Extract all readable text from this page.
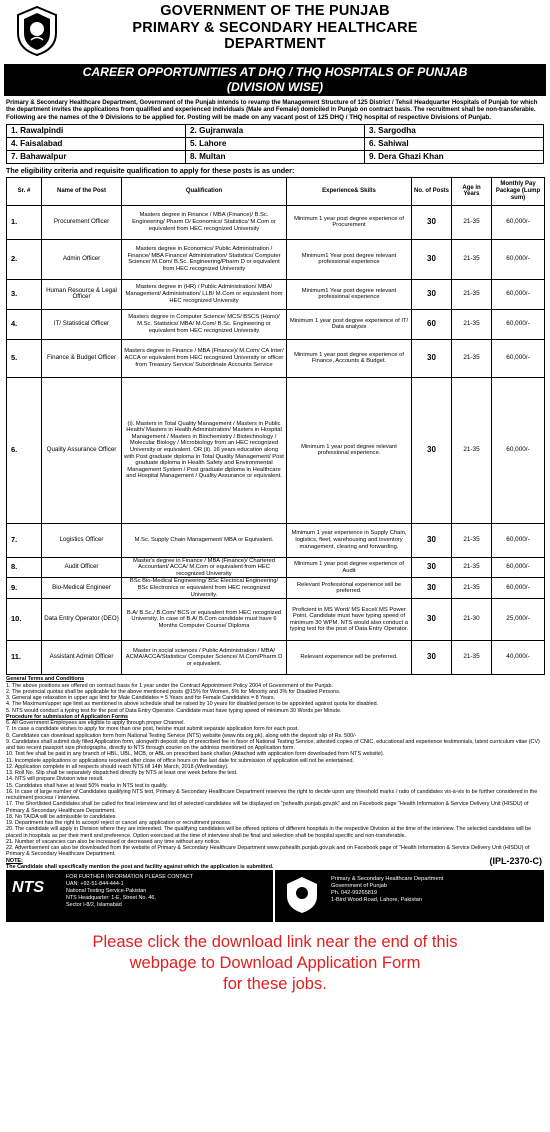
GOVERNMENT OF THE PUNJAB
PRIMARY & SECONDARY HEALTHCARE
DEPARTMENT
CAREER OPPORTUNITIES AT DHQ / THQ HOSPITALS OF PUNJAB
(DIVISION WISE)
Primary & Secondary Healthcare Department, Government of the Punjab intends to revamp the Management Structure of 125 District / Tehsil Headquarter Hospitals of Punjab for which the department invites the applications from qualified and experienced individuals (Male and Female) domiciled in Punjab on contract basis. The recruitment shall be non-transferable.
Following are the names of the 9 Divisions to be applied for. Posting will be made on any vacant post of 125 DHQ / THQ hospital of respective Divisions of Punjab.
1. Rawalpindi	2. Gujranwala	3. Sargodha
4. Faisalabad	5. Lahore	6. Sahiwal
7. Bahawalpur	8. Multan	9. Dera Ghazi Khan
The eligibility criteria and requisite qualification to apply for these posts is as under:
Sr. #	Name of the Post	Qualification	Experience& Skills	No. of Posts	Age in Years	Monthly Pay Package (Lump sum)
1.	Procurement Officer	Masters degree in Finance / MBA (Finance)/ B.Sc. Engineering/ Pharm D/ Economics/ Statistics/ M.Com or equivalent from HEC recognized University	Minimum 1 year post degree experience of Procurement	30	21-35	60,000/-
2.	Admin Officer	Masters degree in Economics/ Public Administration / Finance/ MBA Finance/ Administration/ Statistics/ Computer Science/ M.Com/ B.Sc. Engineering/Pharm D or equivalent from HEC recognized University	Minimum1 Year post degree relevant professional experience	30	21-35	60,000/-
3.	Human Resource & Legal Officer	Masters degree in (HR) / Public Administration/ MBA/ Management/ Administration/ LLB/ M.Com or equivalent from HEC recognized University	Minimum1 Year post degree relevant professional experience	30	21-35	60,000/-
4.	IT/ Statistical Officer	Masters degree in Computer Science/ MCS/ BSCS (Hons)/ M.Sc. Statistics/ MBA/ M.Com/ B.Sc. Engineering or equivalent from HEC recognized University	Minimum 1 year post degree experience of IT/ Data analysis	60	21-35	60,000/-
5.	Finance & Budget Officer	Masters degree in Finance / MBA (Finance)/ M.Com/ CA Inter/ ACCA or equivalent from HEC recognized University or officer from Treasury Service/ Subordinate Accounts Service	Minimum 1 year post degree experience of Finance, Accounts & Budget.	30	21-35	60,000/-
6.	Quality Assurance Officer	(i). Masters in Total Quality Management / Masters in Public Health/ Masters in Health Administration/ Masters in Hospital Management / Masters in Biochemistry / Biotechnology / Molecular Biology / Microbiology from an HEC recognized University or equivalent. OR (ii). 16 years education along with Post graduate diploma in Total Quality Management/ Post graduate diploma in Health Safety and Environmental Management System / Post graduate diploma in Healthcare and Hospital Management / Quality Assurance or equivalent.	Minimum 1 year post degree relevant professional experience.	30	21-35	60,000/-
7.	Logistics Officer	M.Sc. Supply Chain Management/ MBA or Equivalent.	Minimum 1 year experience in Supply Chain, logistics, fleet, warehousing and inventory management, clearing and forwarding.	30	21-35	60,000/-
8.	Audit Officer	Master's degree in Finance / MBA (Finance)/ Chartered Accountant/ ACCA/ M.Com or equivalent from HEC recognized University	Minimum 1 year post degree experience of Audit	30	21-35	60,000/-
9.	Bio-Medical Engineer	BSc Bio-Medical Engineering/ BSc Electrical Engineering/ BSc Electronics or equivalent from HEC recognized University.	Relevant Professional experience will be preferred.	30	21-35	60,000/-
10.	Data Entry Operator (DEO)	B.A/ B.Sc./ B.Com/ BCS or equivalent from HEC recognized University. In case of B.A/ B.Com candidate must have 6 Months Computer Course/ Diploma	Proficient in MS Word/ MS Excel/ MS Power Point. Candidate must have typing speed of minimum 30 WPM. NTS would also conduct a typing test for the post of Data Entry Operator.	30	21-30	25,000/-
11.	Assistant Admin Officer	Master in social sciences / Public Administration / MBA/ ACMA/ACCA/Statistics/ Computer Science/ M.Com/Pharm D or equivalent.	Relevant experience will be preferred.	30	21-35	40,000/-
General Terms and Conditions
1. The above positions are offered on contract basis for 1 year under the Contract Appointment Policy 2004 of Government of the Punjab.
2. The provincial quotas shall be applicable for the above mentioned posts @15% for Women, 5% for Minority and 3% for Disabled Persons.
3. General age relaxation in upper age limit for Male Candidates = 5 Years and for Female Candidates = 8 Years.
4. The Maximum/upper age limit as mentioned in above schedule shall be raised by 10 years for disabled person to be appointed against quota for disabled.
5. NTS would conduct a typing test for the post of Data Entry Operator. Candidate must have typing speed of minimum 30 Words per Minute.
Procedure for submission of Application Forms
6. All Government Employees are eligible to apply through proper Channel.
7. In case a candidate wishes to apply for more than one post, he/she must submit separate application form for each post.
8. Candidates can download application form from National Testing Service (NTS) website (www.nts.org.pk), along with the deposit slip of Rs. 500/-
9. Candidates shall submit duly filled Application form, alongwith deposit slip of prescribed fee in favor of National Testing Service, attested copies of CNIC, educational and experience testimonials, latest curriculum vitae (CV) and two recent passport size photographs, directly to NTS through courier on the address mentioned on Application form.
10. Test fee shall be paid in any branch of HBL, UBL, MCB, or ABL on prescribed bank challan (Attached with application form downloaded from NTS website).
11. Incomplete applications or applications received after close of office hours on the last date for submission of application will not be entertained.
12. Application complete in all respects should reach NTS till 14th March, 2018 (Wednesday).
13. Roll No. Slip shall be separately dispatched directly by NTS at least one week before the test.
14. NTS will prepare Division wise result.
15. Candidates shall have at least 50% marks in NTS test to qualify.
16. In case of large number of Candidates qualifying NTS test, Primary & Secondary Healthcare Department reserves the right to decide upon any threshold marks / ratio of candidates vis-à-vis to be further considered in the recruitment process / interview.
17. The Shortlisted Candidates shall be called for final interview and list of selected candidates will be displayed on "pshealth.punjab.gov.pk" and on Facebook page "Health Information & Service Delivery Unit (HISDU) of Primary & Secondary Healthcare Department.
18. No TA/DA will be admissible to candidates.
19. Department has the right to accept/ reject or cancel any application or recruitment process.
20. The candidate will apply in Division where they are interested. The qualifying candidates will be offered options of different hospitals in the respective Division at the time of the interview. The selected candidates will be placed in hospitals as per their merit and preference. Option exercised at the time of interview shall be final and selection shall be hospital specific and non-transferable.
21. Number of vacancies can also be increased or decreased any time without any notice.
22. Advertisement can also be downloaded from the website of Primary & Secondary Healthcare Department www.pshealth.punjab.gov.pk and on Facebook page of "Health Information & Service Delivery Unit (HISDU) of Primary & Secondary Healthcare Department.
NOTE:	(IPL-2370-C)
The Candidate shall specifically mention the post and facility against which the application is submitted.
NTS
FOR FURTHER INFORMATION PLEASE CONTACT
UAN: +92-51-844-444-1
National Testing Service-Pakistan
NTS Headquarter: 1-E, Street No. 46,
Sector I-8/2, Islamabad
Primary & Secondary Healthcare Department
Government of Punjab
Ph. 042-99265819
1-Bird Wood Road, Lahore, Pakistan
Please click the download link near the end of this
webpage to Download Application Form
for these jobs.
